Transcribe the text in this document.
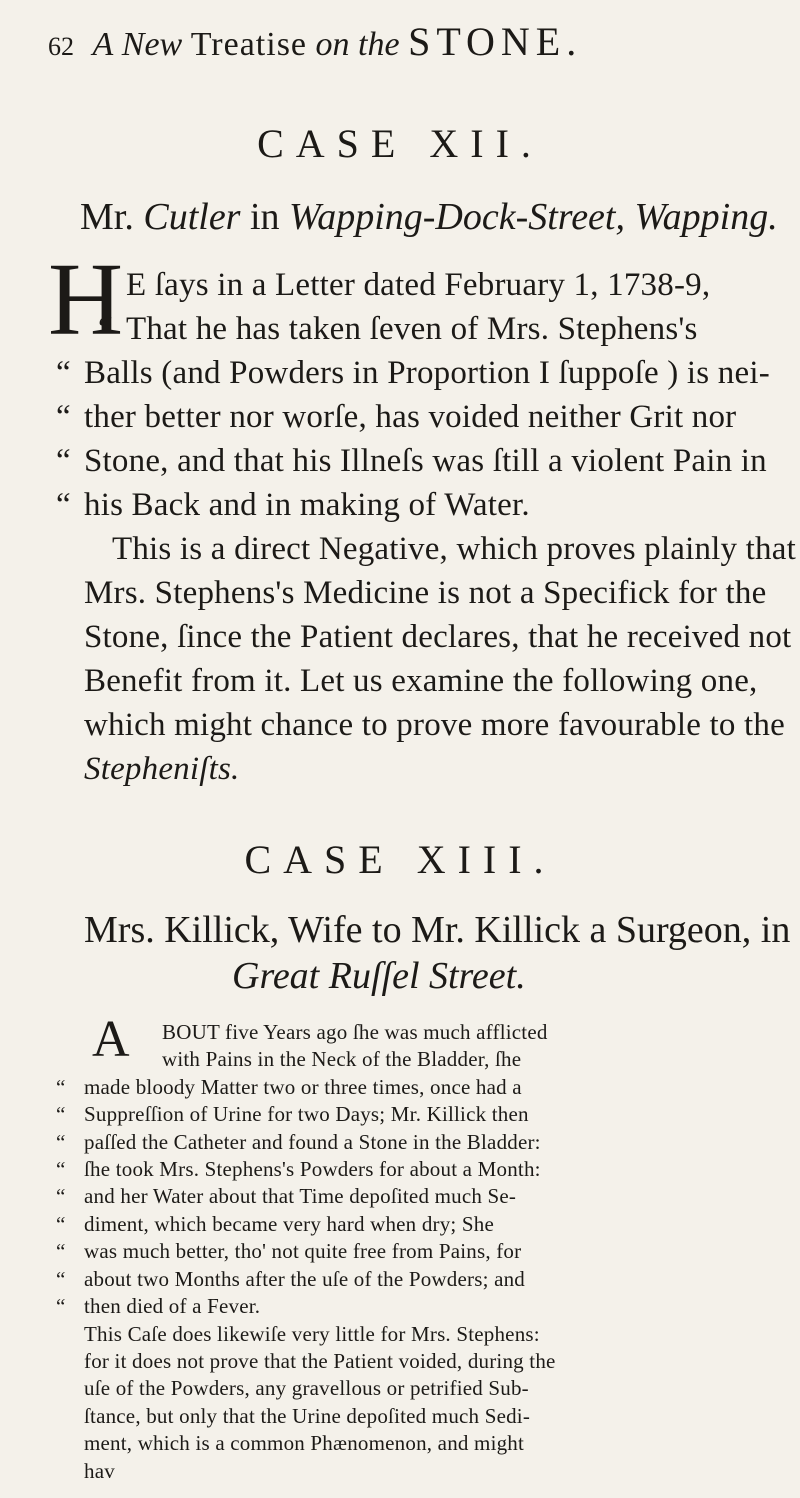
62 A New Treatise on the STONE.
CASE XII.
Mr. Cutler in Wapping-Dock-Street, Wapping.
H E ſays in a Letter dated February 1, 1738-9,
“ That he has taken ſeven of Mrs. Stephens's
“ Balls (and Powders in Proportion I ſuppoſe ) is nei-
“ ther better nor worſe, has voided neither Grit nor
“ Stone, and that his Illneſs was ſtill a violent Pain in
“ his Back and in making of Water.
This is a direct Negative, which proves plainly that
Mrs. Stephens's Medicine is not a Specifick for the
Stone, ſince the Patient declares, that he received not
Benefit from it. Let us examine the following one,
which might chance to prove more favourable to the
Stepheniſts.
CASE XIII.
Mrs. Killick, Wife to Mr. Killick a Surgeon, in
Great Ruſſel Street.
A BOUT five Years ago ſhe was much afflicted
with Pains in the Neck of the Bladder, ſhe
“ made bloody Matter two or three times, once had a
“ Suppreſſion of Urine for two Days; Mr. Killick then
“ paſſed the Catheter and found a Stone in the Bladder:
“ ſhe took Mrs. Stephens's Powders for about a Month:
“ and her Water about that Time depoſited much Se-
“ diment, which became very hard when dry; She
“ was much better, tho' not quite free from Pains, for
“ about two Months after the uſe of the Powders; and
“ then died of a Fever.
This Caſe does likewiſe very little for Mrs. Stephens:
for it does not prove that the Patient voided, during the
uſe of the Powders, any gravellous or petrified Sub-
ſtance, but only that the Urine depoſited much Sedi-
ment, which is a common Phænomenon, and might
hav
